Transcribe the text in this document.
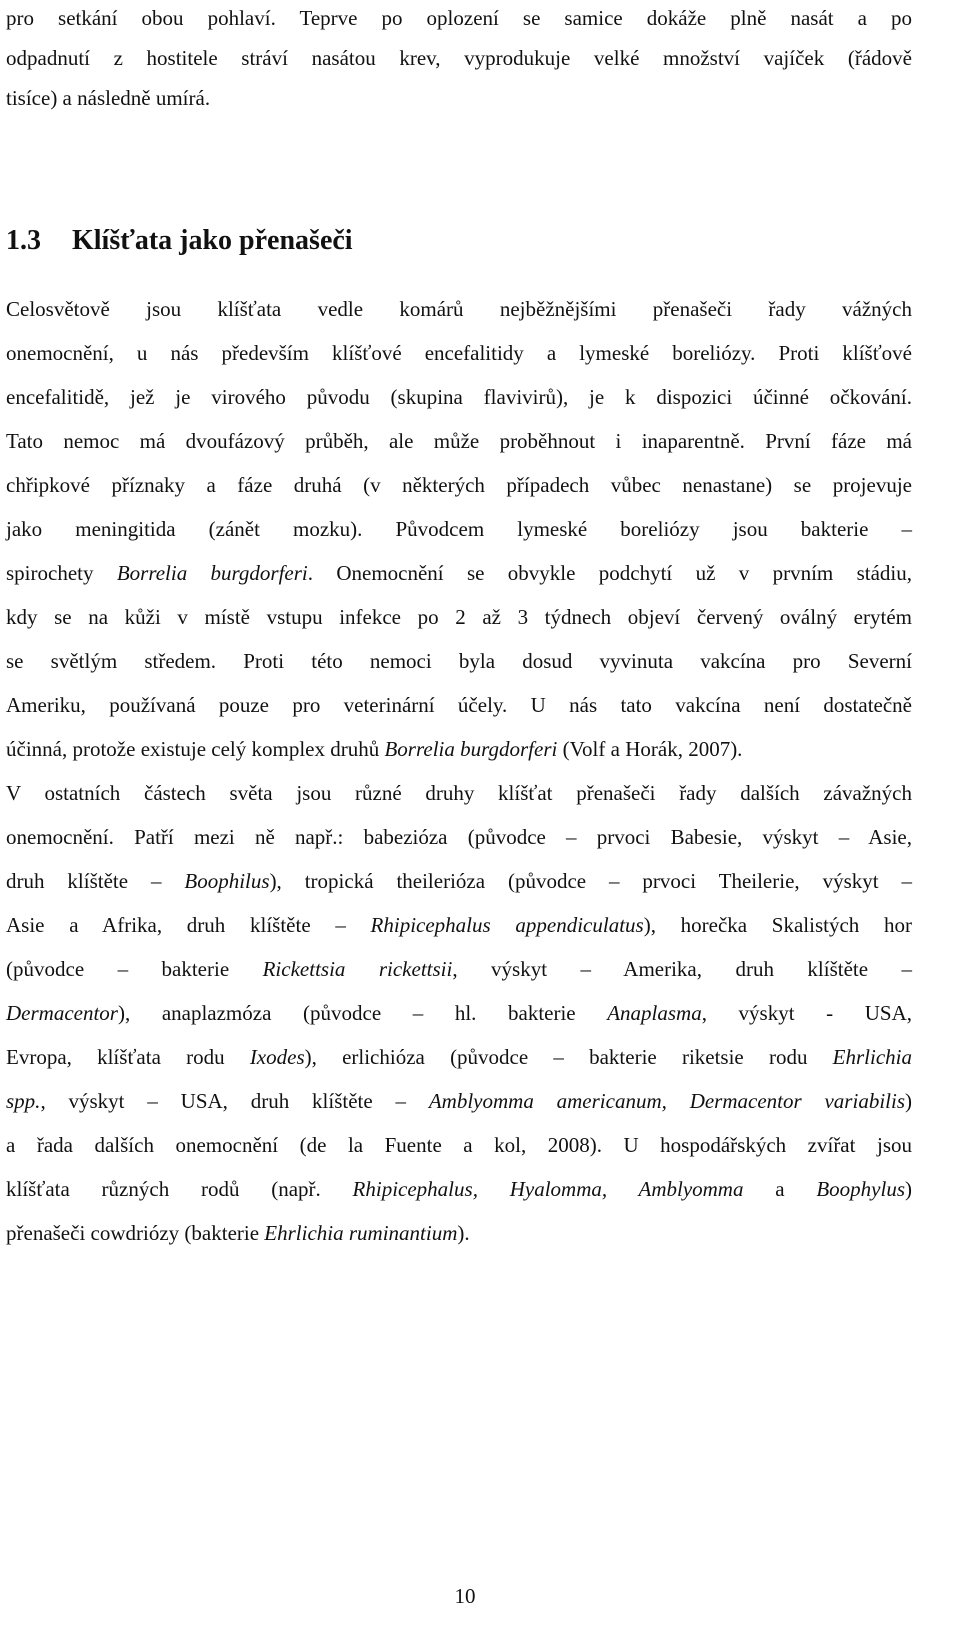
pro setkání obou pohlaví. Teprve po oplození se samice dokáže plně nasát a po
odpadnutí z hostitele stráví nasátou krev, vyprodukuje velké množství vajíček (řádově
tisíce) a následně umírá.
1.3 Klíšťata jako přenašeči
Celosvětově jsou klíšťata vedle komárů nejběžnějšími přenašeči řady vážných
onemocnění, u nás především klíšťové encefalitidy a lymeské boreliózy. Proti klíšťové
encefalitidě, jež je virového původu (skupina flavivirů), je k dispozici účinné očkování.
Tato nemoc má dvoufázový průběh, ale může proběhnout i inaparentně. První fáze má
chřipkové příznaky a fáze druhá (v některých případech vůbec nenastane) se projevuje
jako meningitida (zánět mozku). Původcem lymeské boreliózy jsou bakterie –
spirochety Borrelia burgdorferi. Onemocnění se obvykle podchytí už v prvním stádiu,
kdy se na kůži v místě vstupu infekce po 2 až 3 týdnech objeví červený oválný erytém
se světlým středem. Proti této nemoci byla dosud vyvinuta vakcína pro Severní
Ameriku, používaná pouze pro veterinární účely. U nás tato vakcína není dostatečně
účinná, protože existuje celý komplex druhů Borrelia burgdorferi (Volf a Horák, 2007).
V ostatních částech světa jsou různé druhy klíšťat přenašeči řady dalších závažných
onemocnění. Patří mezi ně např.: babezióza (původce – prvoci Babesie, výskyt – Asie,
druh klíštěte – Boophilus), tropická theilerióza (původce – prvoci Theilerie, výskyt –
Asie a Afrika, druh klíštěte – Rhipicephalus appendiculatus), horečka Skalistých hor
(původce – bakterie Rickettsia rickettsii, výskyt – Amerika, druh klíštěte –
Dermacentor), anaplazmóza (původce – hl. bakterie Anaplasma, výskyt - USA,
Evropa, klíšťata rodu Ixodes), erlichióza (původce – bakterie riketsie rodu Ehrlichia
spp., výskyt – USA, druh klíštěte – Amblyomma americanum, Dermacentor variabilis)
a řada dalších onemocnění (de la Fuente a kol, 2008). U hospodářských zvířat jsou
klíšťata různých rodů (např. Rhipicephalus, Hyalomma, Amblyomma a Boophylus)
přenašeči cowdriózy (bakterie Ehrlichia ruminantium).
10
